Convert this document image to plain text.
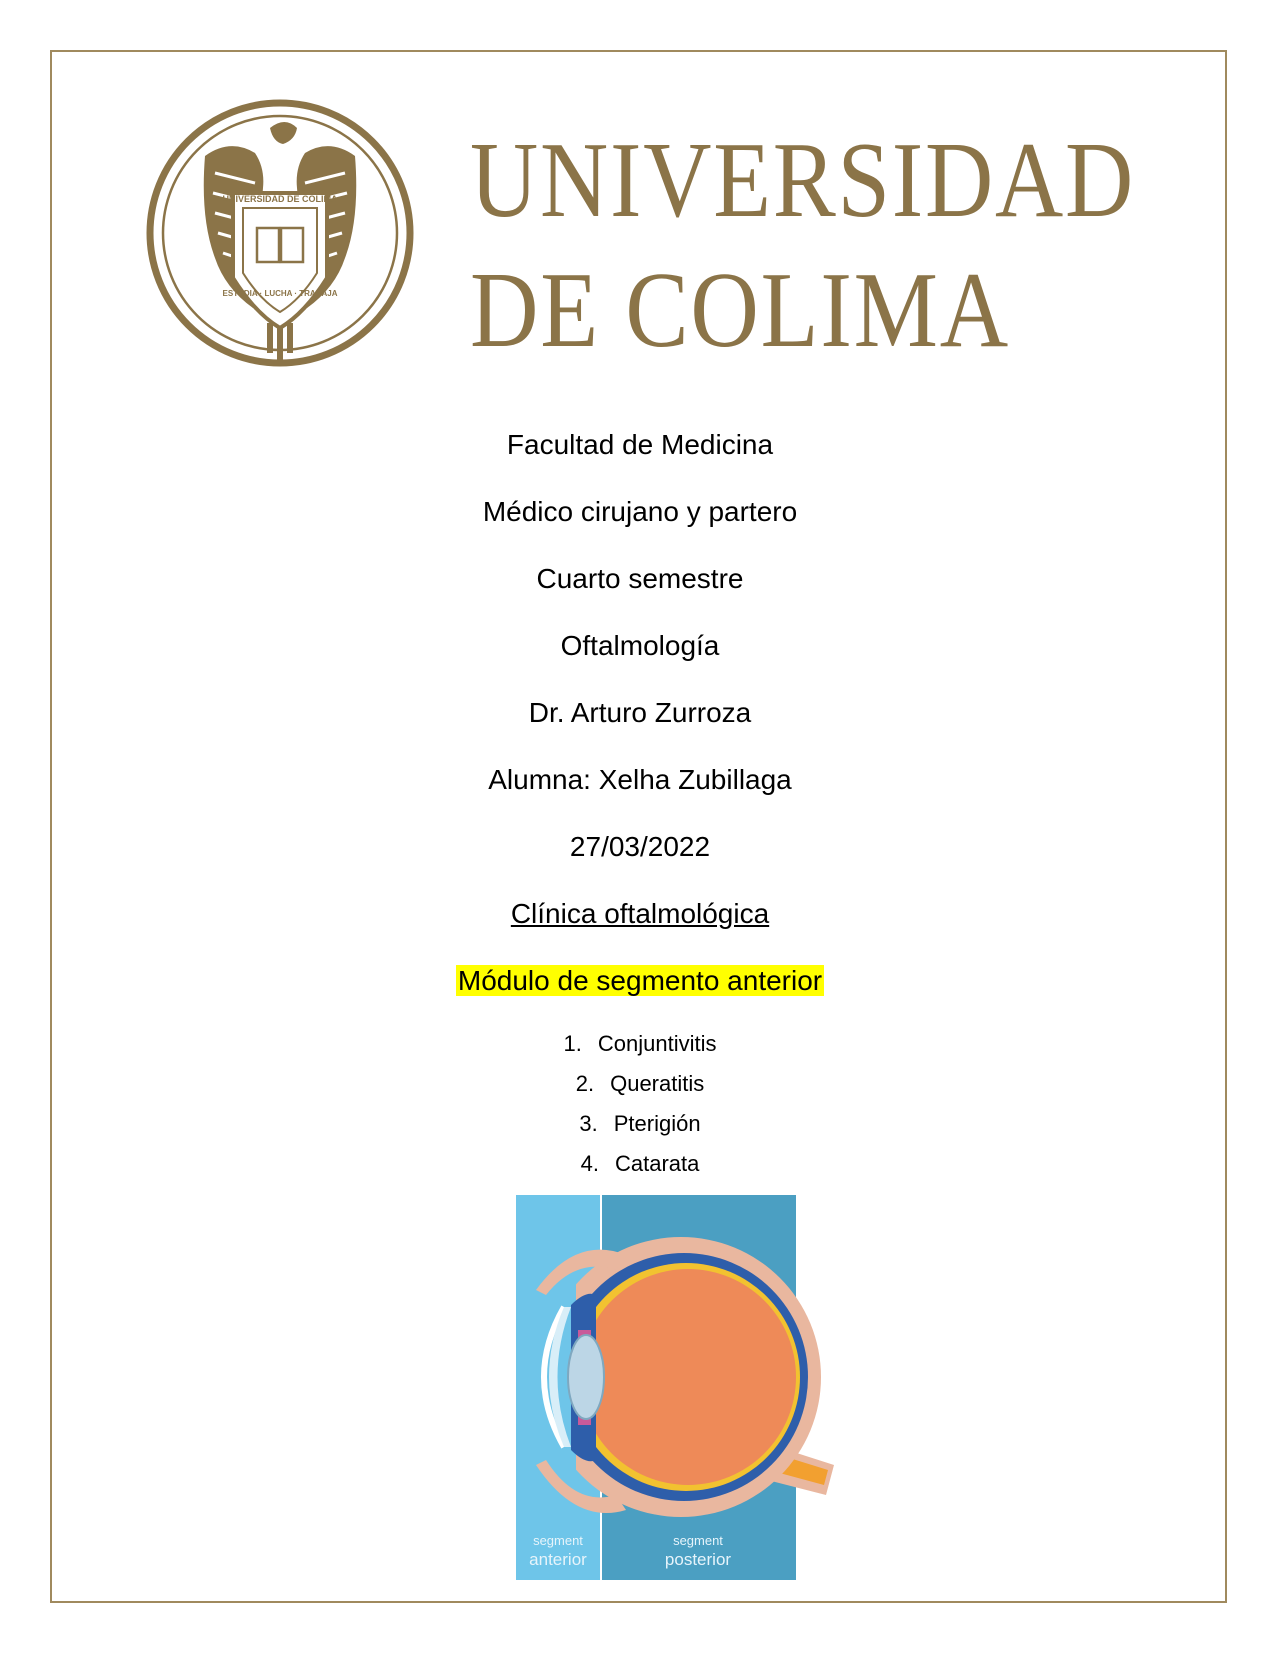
UNIVERSIDAD DE COLIMA
ESTUDIA · LUCHA · TRABAJA
UNIVERSIDAD
DE COLIMA
Facultad de Medicina
Médico cirujano y partero
Cuarto semestre
Oftalmología
Dr. Arturo Zurroza
Alumna: Xelha Zubillaga
27/03/2022
Clínica oftalmológica
Módulo de segmento anterior
1. Conjuntivitis
2. Queratitis
3. Pterigión
4. Catarata
segment
anterior
segment
posterior
